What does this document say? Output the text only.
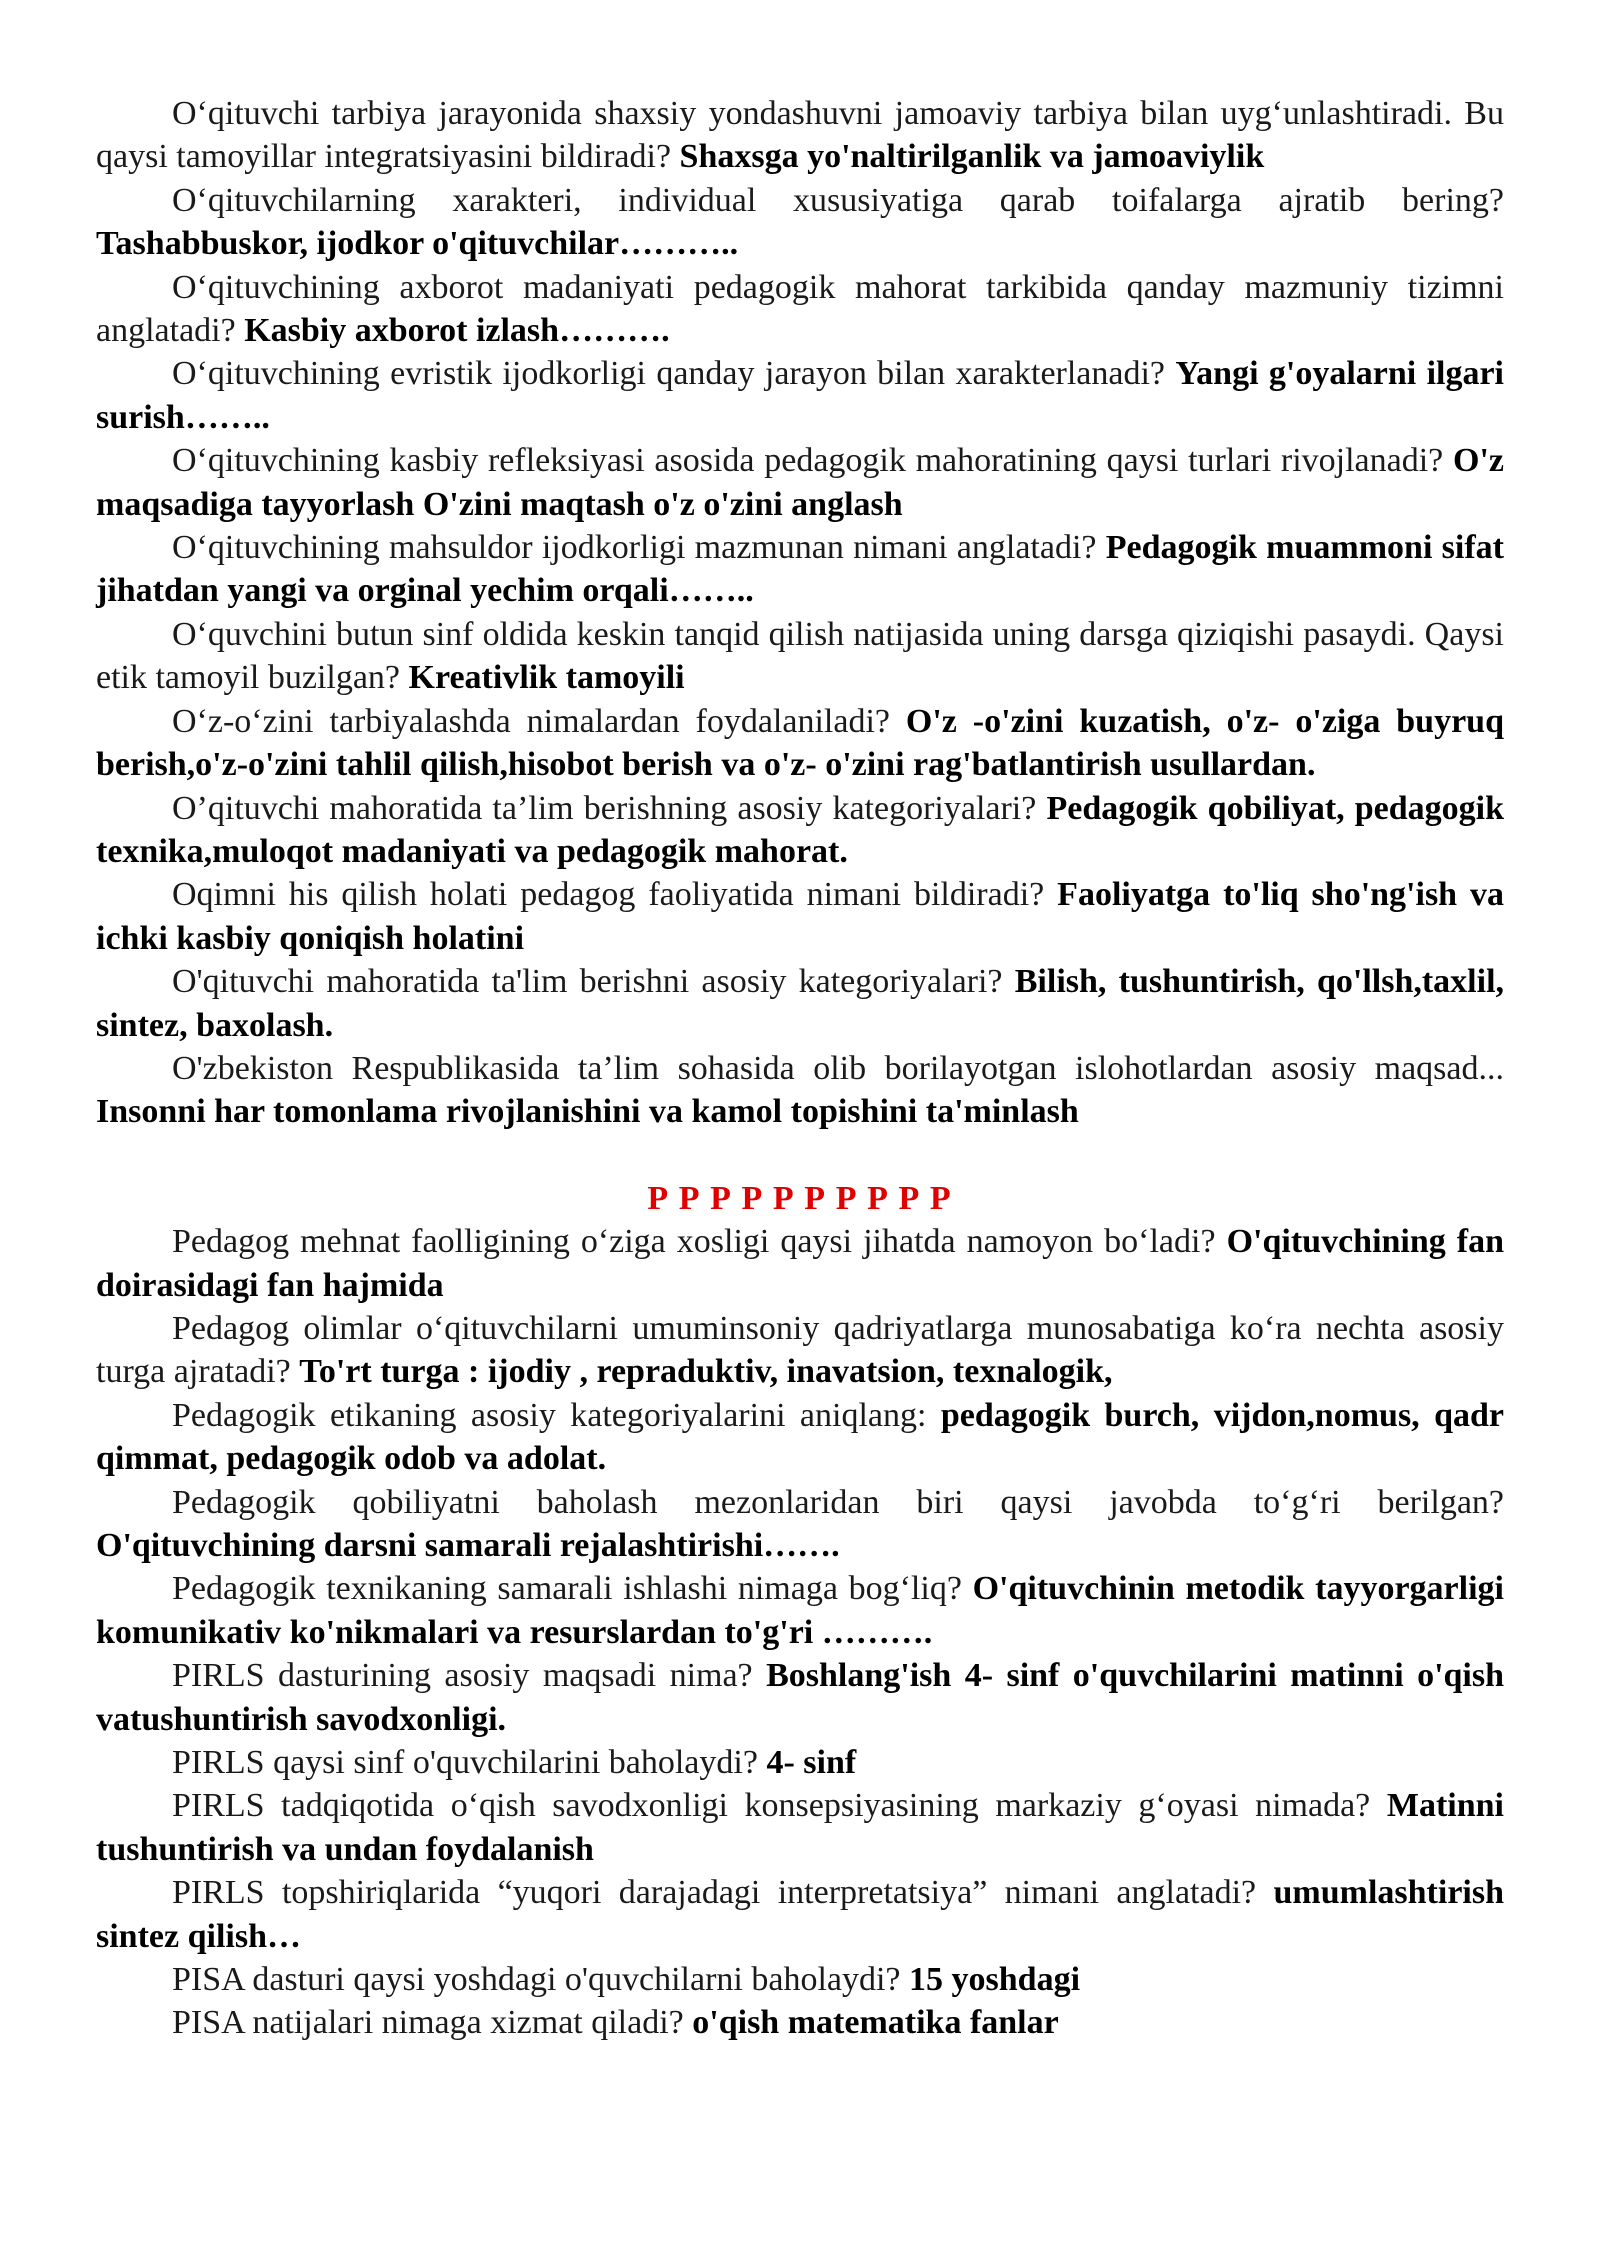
O‘qituvchi tarbiya jarayonida shaxsiy yondashuvni jamoaviy tarbiya bilan uyg‘unlashtiradi. Bu qaysi tamoyillar integratsiyasini bildiradi? Shaxsga yo'naltirilganlik va jamoaviylik

O‘qituvchilarning xarakteri, individual xususiyatiga qarab toifalarga ajratib bering? Tashabbuskor, ijodkor o'qituvchilar………..

O‘qituvchining axborot madaniyati pedagogik mahorat tarkibida qanday mazmuniy tizimni anglatadi? Kasbiy axborot izlash……….

O‘qituvchining evristik ijodkorligi qanday jarayon bilan xarakterlanadi? Yangi g'oyalarni ilgari surish……..

O‘qituvchining kasbiy refleksiyasi asosida pedagogik mahoratining qaysi turlari rivojlanadi? O'z maqsadiga tayyorlash O'zini maqtash o'z o'zini anglash

O‘qituvchining mahsuldor ijodkorligi mazmunan nimani anglatadi? Pedagogik muammoni sifat jihatdan yangi va orginal yechim orqali……..

O‘quvchini butun sinf oldida keskin tanqid qilish natijasida uning darsga qiziqishi pasaydi. Qaysi etik tamoyil buzilgan? Kreativlik tamoyili

O‘z-o‘zini tarbiyalashda nimalardan foydalaniladi? O'z -o'zini kuzatish, o'z- o'ziga buyruq berish,o'z-o'zini tahlil qilish,hisobot berish va o'z- o'zini rag'batlantirish usullardan.

O’qituvchi mahoratida ta’lim berishning asosiy kategoriyalari? Pedagogik qobiliyat, pedagogik texnika,muloqot madaniyati va pedagogik mahorat.

Oqimni his qilish holati pedagog faoliyatida nimani bildiradi? Faoliyatga to'liq sho'ng'ish va ichki kasbiy qoniqish holatini

O'qituvchi mahoratida ta'lim berishni asosiy kategoriyalari? Bilish, tushuntirish, qo'llsh,taxlil, sintez, baxolash.

O'zbekiston Respublikasida ta’lim sohasida olib borilayotgan islohotlardan asosiy maqsad... Insonni har tomonlama rivojlanishini va kamol topishini ta'minlash

P P P P P P P P P P

Pedagog mehnat faolligining o‘ziga xosligi qaysi jihatda namoyon bo‘ladi? O'qituvchining fan doirasidagi fan hajmida

Pedagog olimlar o‘qituvchilarni umuminsoniy qadriyatlarga munosabatiga ko‘ra nechta asosiy turga ajratadi? To'rt turga : ijodiy , repraduktiv, inavatsion, texnalogik,

Pedagogik etikaning asosiy kategoriyalarini aniqlang: pedagogik burch, vijdon,nomus, qadr qimmat, pedagogik odob va adolat.

Pedagogik qobiliyatni baholash mezonlaridan biri qaysi javobda to‘g‘ri berilgan? O'qituvchining darsni samarali rejalashtirishi…….

Pedagogik texnikaning samarali ishlashi nimaga bog‘liq? O'qituvchinin metodik tayyorgarligi komunikativ ko'nikmalari va resurslardan to'g'ri ……….

PIRLS dasturining asosiy maqsadi nima? Boshlang'ish 4- sinf o'quvchilarini matinni o'qish vatushuntirish savodxonligi.

PIRLS qaysi sinf o'quvchilarini baholaydi? 4- sinf

PIRLS tadqiqotida o‘qish savodxonligi konsepsiyasining markaziy g‘oyasi nimada? Matinni tushuntirish va undan foydalanish

PIRLS topshiriqlarida “yuqori darajadagi interpretatsiya” nimani anglatadi? umumlashtirish sintez qilish…

PISA dasturi qaysi yoshdagi o'quvchilarni baholaydi? 15 yoshdagi

PISA natijalari nimaga xizmat qiladi? o'qish matematika fanlar
